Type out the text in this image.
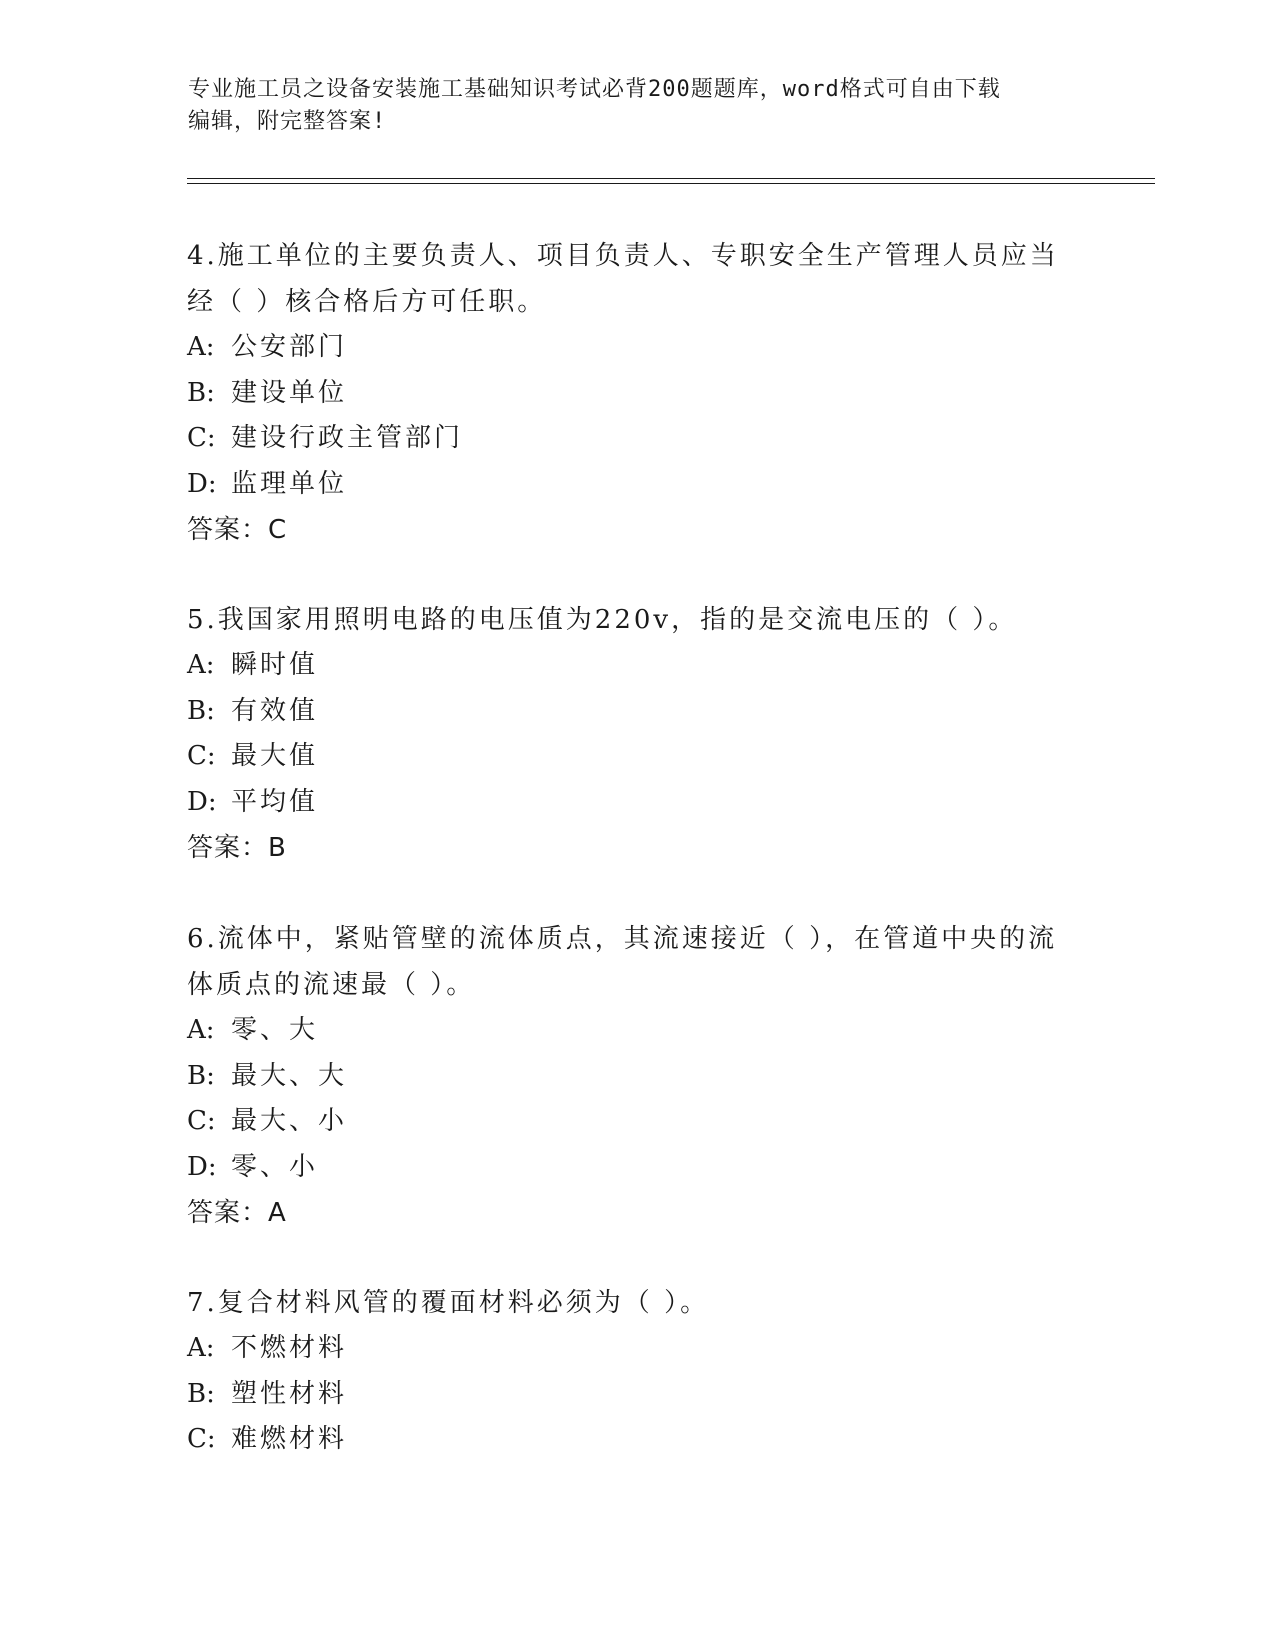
专业施工员之设备安装施工基础知识考试必背200题题库，word格式可自由下载
编辑，附完整答案!

4.施工单位的主要负责人、项目负责人、专职安全生产管理人员应当

经（ ）核合格后方可任职。

A: 公安部门

B: 建设单位

C: 建设行政主管部门

D: 监理单位

答案：C

5.我国家用照明电路的电压值为220v，指的是交流电压的（ ）。

A: 瞬时值

B: 有效值

C: 最大值

D: 平均值

答案：B

6.流体中，紧贴管壁的流体质点，其流速接近（ ），在管道中央的流

体质点的流速最（ ）。

A: 零、大

B: 最大、大

C: 最大、小

D: 零、小

答案：A

7.复合材料风管的覆面材料必须为（ ）。

A: 不燃材料

B: 塑性材料

C: 难燃材料
